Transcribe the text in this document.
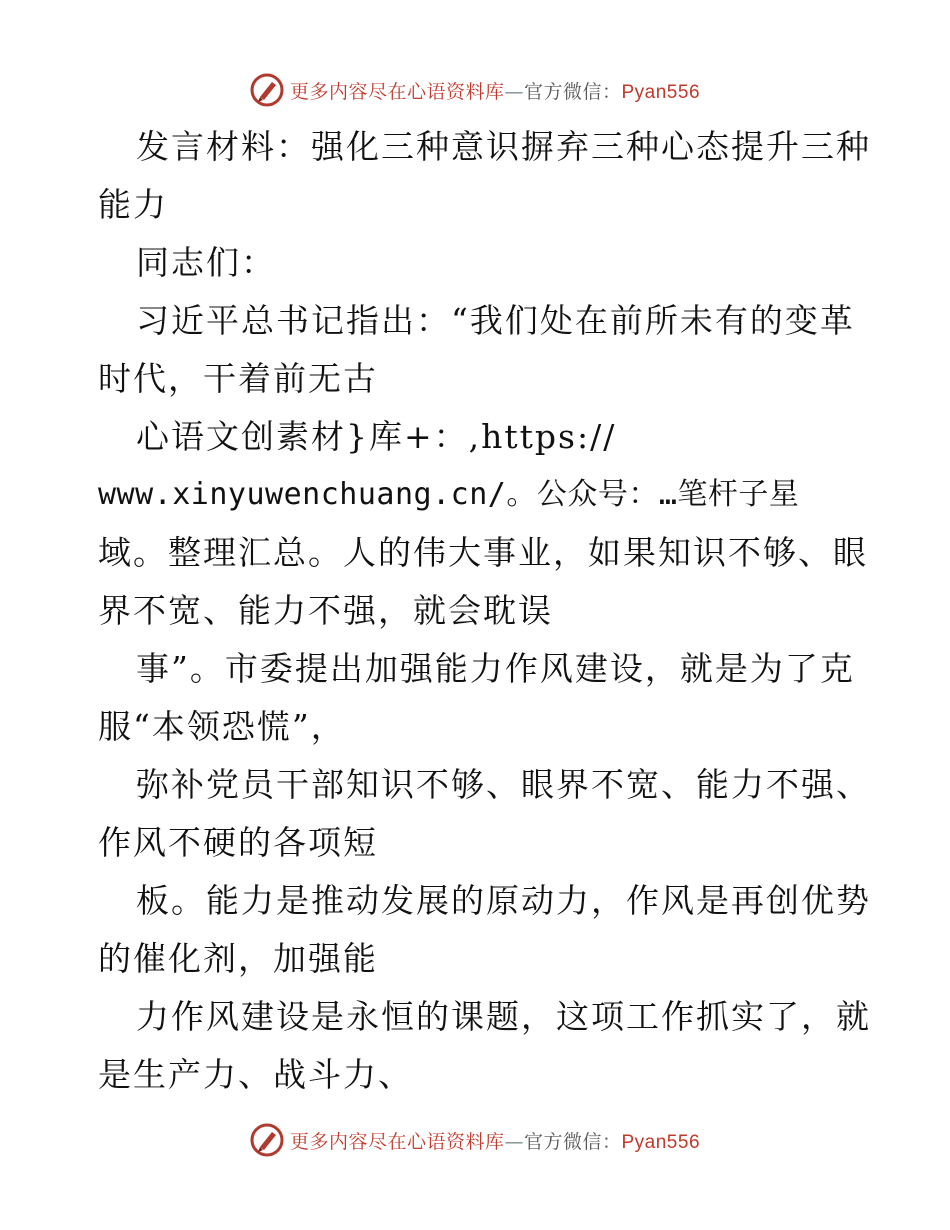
更多内容尽在心语资料库—官方微信：Pyan556
发言材料：强化三种意识摒弃三种心态提升三种
能力
同志们：
习近平总书记指出：“我们处在前所未有的变革
时代，干着前无古
心语文创素材}库+：,https://
www.xinyuwenchuang.cn/。公众号：…笔杆子星
域。整理汇总。人的伟大事业，如果知识不够、眼
界不宽、能力不强，就会耽误
事”。市委提出加强能力作风建设，就是为了克
服“本领恐慌”，
弥补党员干部知识不够、眼界不宽、能力不强、
作风不硬的各项短
板。能力是推动发展的原动力，作风是再创优势
的催化剂，加强能
力作风建设是永恒的课题，这项工作抓实了，就
是生产力、战斗力、
更多内容尽在心语资料库—官方微信：Pyan556
